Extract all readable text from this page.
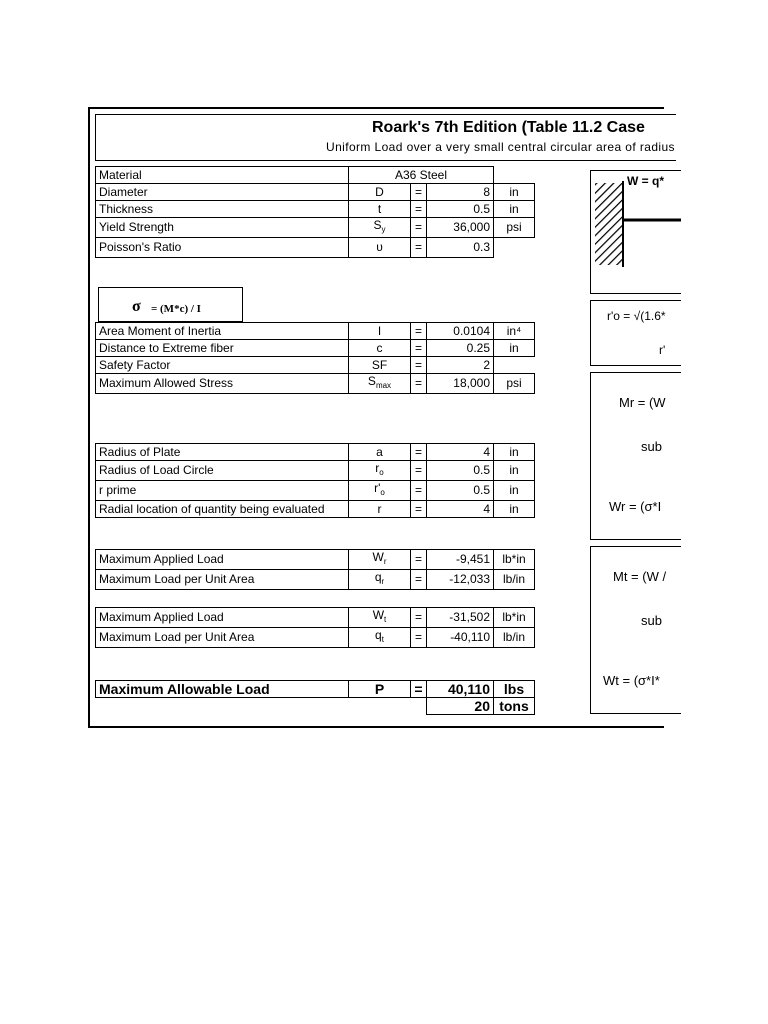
Roark's 7th Edition (Table 11.2 Case
Uniform Load over a very small central circular area of radius
Material	A36 Steel			
Diameter	D	=	8	in
Thickness	t	=	0.5	in
Yield Strength	$S_y$	=	36,000	psi
Poisson's Ratio	υ	=	0.3	
σ = (M*c) / I
Area Moment of Inertia	I	=	0.0104	in⁴
Distance to Extreme fiber	c	=	0.25	in
Safety Factor	SF	=	2	
Maximum Allowed Stress	$S_{max}$	=	18,000	psi
Radius of Plate	a	=	4	in
Radius of Load Circle	$r_o$	=	0.5	in
r prime	$r'_o$	=	0.5	in
Radial location of quantity being evaluated	r	=	4	in
Maximum Applied Load	$W_r$	=	-9,451	lb*in
Maximum Load per Unit Area	$q_r$	=	-12,033	lb/in
Maximum Applied Load	$W_t$	=	-31,502	lb*in
Maximum Load per Unit Area	$q_t$	=	-40,110	lb/in
Maximum Allowable Load	P	=	40,110	lbs
			20	tons
W = q*
r'o = √(1.6*
r'
Mr = (W
sub
Wr = (σ*I
Mt = (W /
sub
Wt = (σ*I*
